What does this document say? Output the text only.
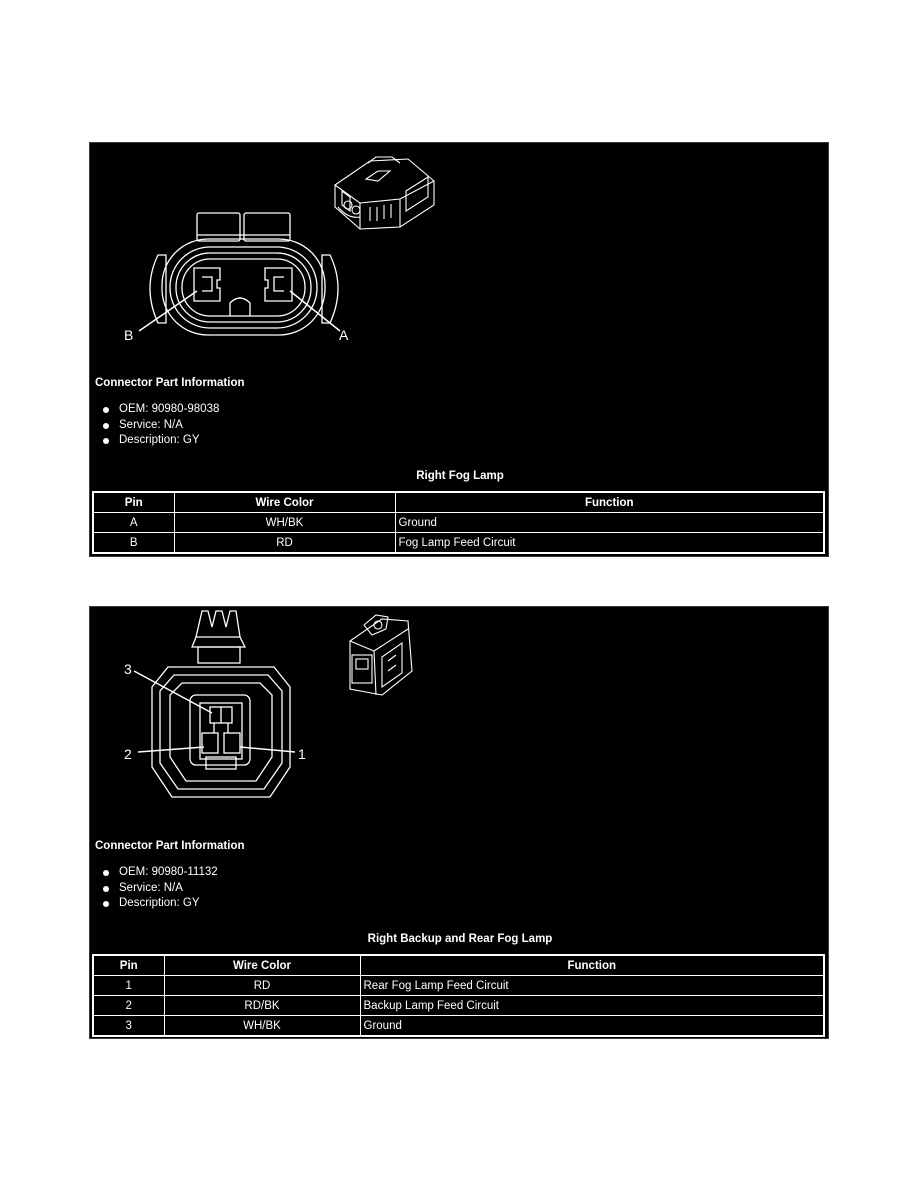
B	A
Connector Part Information
OEM: 90980-98038
Service: N/A
Description: GY
Right Fog Lamp
Pin	Wire Color	Function
A	WH/BK	Ground
B	RD	Fog Lamp Feed Circuit
3
2	1
Connector Part Information
OEM: 90980-11132
Service: N/A
Description: GY
Right Backup and Rear Fog Lamp
Pin	Wire Color	Function
1	RD	Rear Fog Lamp Feed Circuit
2	RD/BK	Backup Lamp Feed Circuit
3	WH/BK	Ground
